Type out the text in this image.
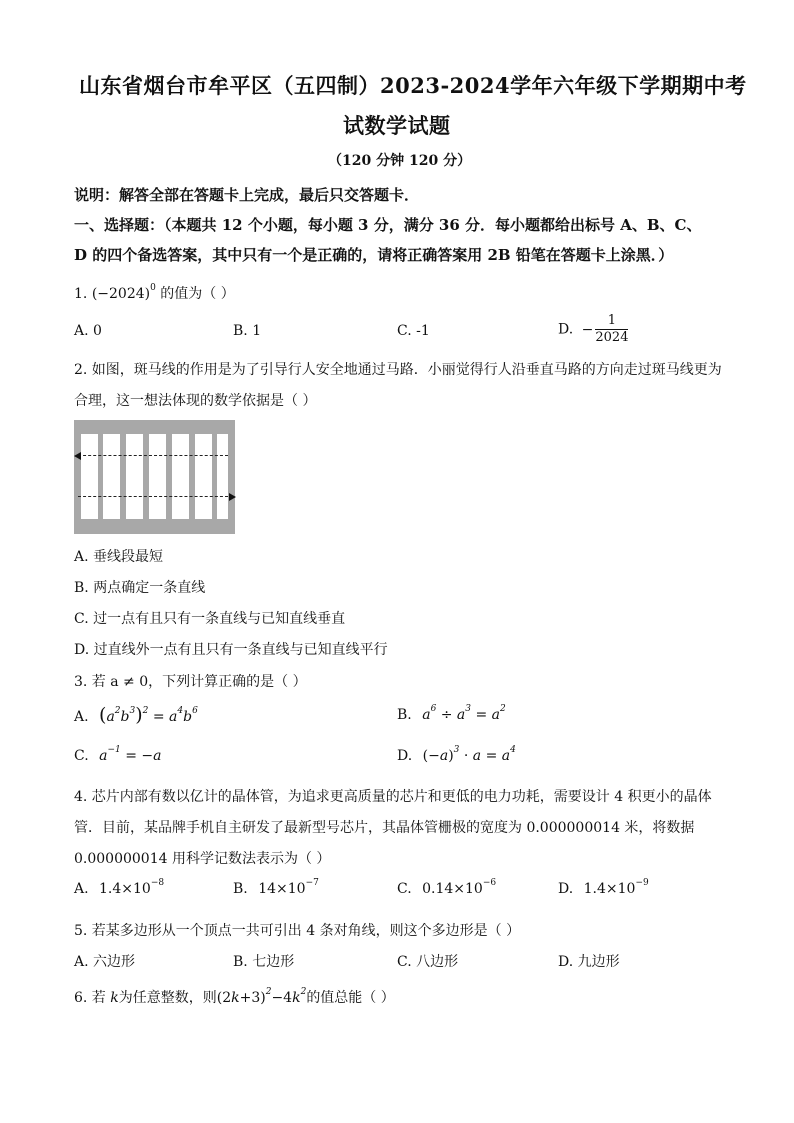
山东省烟台市牟平区（五四制）2023-2024学年六年级下学期期中考
试数学试题
（120 分钟 120 分）
说明：解答全部在答题卡上完成，最后只交答题卡．
一、选择题：（本题共 12 个小题，每小题 3 分，满分 36 分．每小题都给出标号 A、B、C、
D 的四个备选答案，其中只有一个是正确的，请将正确答案用 2B 铅笔在答题卡上涂黑．）
1. $(-2024)^0$ 的值为（ ）
A. 0	B. 1	C. -1	D. − $\frac{1}{2024}$
2. 如图，斑马线的作用是为了引导行人安全地通过马路．小丽觉得行人沿垂直马路的方向走过斑马线更为
合理，这一想法体现的数学依据是（ ）
A. 垂线段最短
B. 两点确定一条直线
C. 过一点有且只有一条直线与已知直线垂直
D. 过直线外一点有且只有一条直线与已知直线平行
3. 若 a ≠ 0，下列计算正确的是（ ）
A. $(a^2b^3)^2 = a^4b^6$	B. $a^6 \div a^3 = a^2$
C. $a^{-1} = -a$	D. $(-a)^3 \cdot a = a^4$
4. 芯片内部有数以亿计的晶体管，为追求更高质量的芯片和更低的电力功耗，需要设计 4 积更小的晶体
管．目前，某品牌手机自主研发了最新型号芯片，其晶体管栅极的宽度为 0.000000014 米，将数据
0.000000014 用科学记数法表示为（ ）
A. $1.4\times 10^{-8}$	B. $14\times 10^{-7}$	C. $0.14\times 10^{-6}$	D. $1.4\times 10^{-9}$
5. 若某多边形从一个顶点一共可引出 4 条对角线，则这个多边形是（ ）
A. 六边形	B. 七边形	C. 八边形	D. 九边形
6. 若 k为任意整数，则$(2k+3)^2-4k^2$的值总能（ ）
